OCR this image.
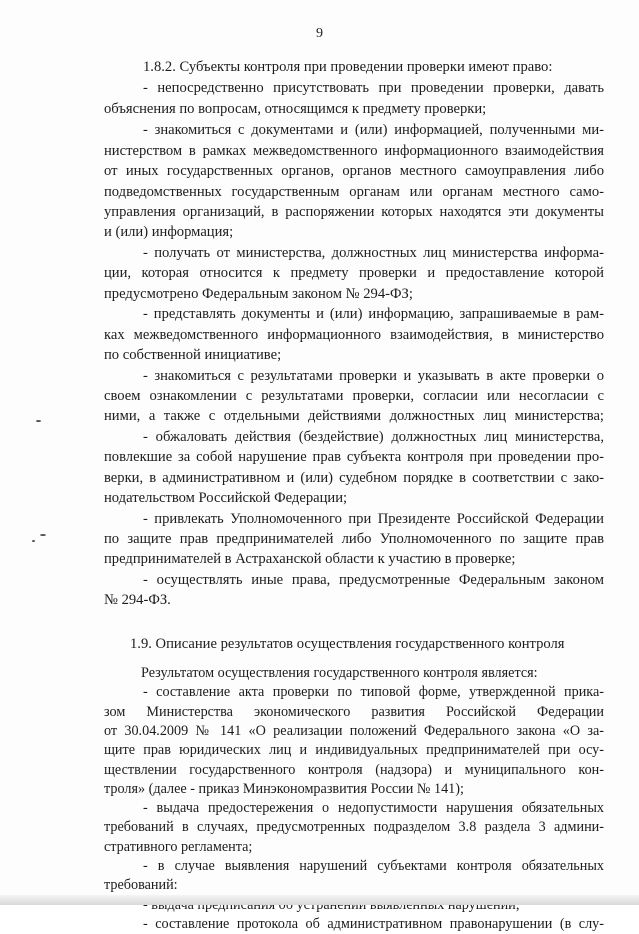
9
1.8.2. Субъекты контроля при проведении проверки имеют право:
- непосредственно присутствовать при проведении проверки, давать
объяснения по вопросам, относящимся к предмету проверки;
- знакомиться с документами и (или) информацией, полученными ми-
нистерством в рамках межведомственного информационного взаимодействия
от иных государственных органов, органов местного самоуправления либо
подведомственных государственным органам или органам местного само-
управления организаций, в распоряжении которых находятся эти документы
и (или) информация;
- получать от министерства, должностных лиц министерства информа-
ции, которая относится к предмету проверки и предоставление которой
предусмотрено Федеральным законом № 294-ФЗ;
- представлять документы и (или) информацию, запрашиваемые в рам-
ках межведомственного информационного взаимодействия, в министерство
по собственной инициативе;
- знакомиться с результатами проверки и указывать в акте проверки о
своем ознакомлении с результатами проверки, согласии или несогласии с
ними, а также с отдельными действиями должностных лиц министерства;
- обжаловать действия (бездействие) должностных лиц министерства,
повлекшие за собой нарушение прав субъекта контроля при проведении про-
верки, в административном и (или) судебном порядке в соответствии с зако-
нодательством Российской Федерации;
- привлекать Уполномоченного при Президенте Российской Федерации
по защите прав предпринимателей либо Уполномоченного по защите прав
предпринимателей в Астраханской области к участию в проверке;
- осуществлять иные права, предусмотренные Федеральным законом
№ 294-ФЗ.
1.9. Описание результатов осуществления государственного контроля
Результатом осуществления государственного контроля является:
- составление акта проверки по типовой форме, утвержденной прика-
зом Министерства экономического развития Российской Федерации
от 30.04.2009 № 141 «О реализации положений Федерального закона «О за-
щите прав юридических лиц и индивидуальных предпринимателей при осу-
ществлении государственного контроля (надзора) и муниципального кон-
троля» (далее - приказ Минэкономразвития России № 141);
- выдача предостережения о недопустимости нарушения обязательных
требований в случаях, предусмотренных подразделом 3.8 раздела 3 админи-
стративного регламента;
- в случае выявления нарушений субъектами контроля обязательных
требований:
- составление протокола об административном правонарушении (в слу-
